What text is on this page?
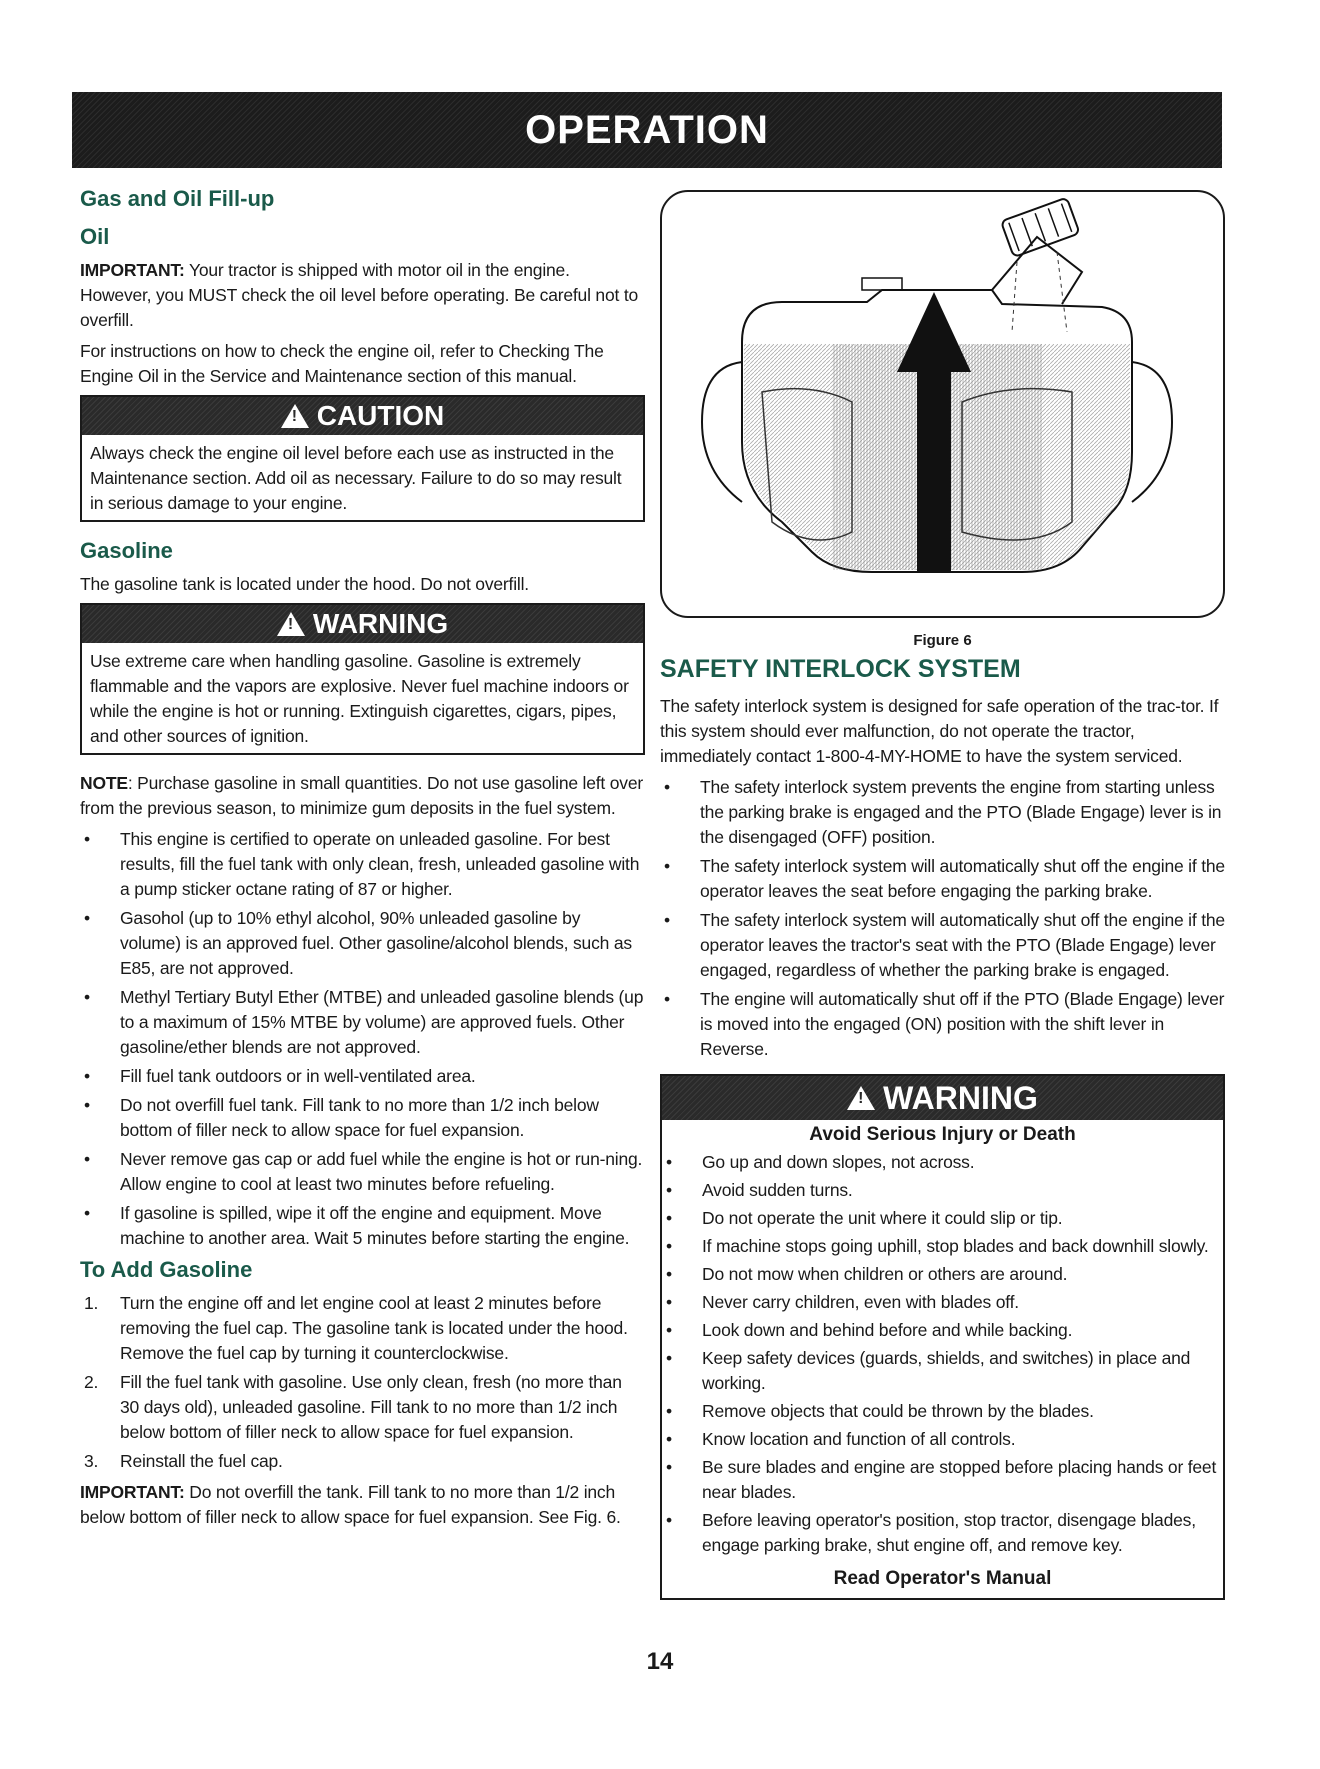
OPERATION
Gas and Oil Fill-up
Oil

IMPORTANT: Your tractor is shipped with motor oil in the engine. However, you MUST check the oil level before operating. Be careful not to overfill.

For instructions on how to check the engine oil, refer to Checking The Engine Oil in the Service and Maintenance section of this manual.

!
CAUTION

Always check the engine oil level before each use as instructed in the Maintenance section. Add oil as necessary. Failure to do so may result in serious damage to your engine.

Gasoline

The gasoline tank is located under the hood. Do not overfill.

!
WARNING

Use extreme care when handling gasoline. Gasoline is extremely flammable and the vapors are explosive. Never fuel machine indoors or while the engine is hot or running. Extinguish cigarettes, cigars, pipes, and other sources of ignition.

NOTE: Purchase gasoline in small quantities. Do not use gasoline left over from the previous season, to minimize gum deposits in the fuel system.

• This engine is certified to operate on unleaded gasoline. For best results, fill the fuel tank with only clean, fresh, unleaded gasoline with a pump sticker octane rating of 87 or higher.
• Gasohol (up to 10% ethyl alcohol, 90% unleaded gasoline by volume) is an approved fuel. Other gasoline/alcohol blends, such as E85, are not approved.
• Methyl Tertiary Butyl Ether (MTBE) and unleaded gasoline blends (up to a maximum of 15% MTBE by volume) are approved fuels. Other gasoline/ether blends are not approved.
• Fill fuel tank outdoors or in well-ventilated area.
• Do not overfill fuel tank. Fill tank to no more than 1/2 inch below bottom of filler neck to allow space for fuel expansion.
• Never remove gas cap or add fuel while the engine is hot or run-ning. Allow engine to cool at least two minutes before refueling.
• If gasoline is spilled, wipe it off the engine and equipment. Move machine to another area. Wait 5 minutes before starting the engine.
To Add Gasoline
1. Turn the engine off and let engine cool at least 2 minutes before removing the fuel cap. The gasoline tank is located under the hood. Remove the fuel cap by turning it counterclockwise.
2. Fill the fuel tank with gasoline. Use only clean, fresh (no more than 30 days old), unleaded gasoline. Fill tank to no more than 1/2 inch below bottom of filler neck to allow space for fuel expansion.
3. Reinstall the fuel cap.

IMPORTANT: Do not overfill the tank. Fill tank to no more than 1/2 inch below bottom of filler neck to allow space for fuel expansion. See Fig. 6.

Figure 6
SAFETY INTERLOCK SYSTEM

The safety interlock system is designed for safe operation of the trac-tor. If this system should ever malfunction, do not operate the tractor, immediately contact 1-800-4-MY-HOME to have the system serviced.

• The safety interlock system prevents the engine from starting unless the parking brake is engaged and the PTO (Blade Engage) lever is in the disengaged (OFF) position.
• The safety interlock system will automatically shut off the engine if the operator leaves the seat before engaging the parking brake.
• The safety interlock system will automatically shut off the engine if the operator leaves the tractor's seat with the PTO (Blade Engage) lever engaged, regardless of whether the parking brake is engaged.
• The engine will automatically shut off if the PTO (Blade Engage) lever is moved into the engaged (ON) position with the shift lever in Reverse.
!
WARNING
Avoid Serious Injury or Death
• Go up and down slopes, not across.
• Avoid sudden turns.
• Do not operate the unit where it could slip or tip.
• If machine stops going uphill, stop blades and back downhill slowly.
• Do not mow when children or others are around.
• Never carry children, even with blades off.
• Look down and behind before and while backing.
• Keep safety devices (guards, shields, and switches) in place and working.
• Remove objects that could be thrown by the blades.
• Know location and function of all controls.
• Be sure blades and engine are stopped before placing hands or feet near blades.
• Before leaving operator's position, stop tractor, disengage blades, engage parking brake, shut engine off, and remove key.
Read Operator's Manual
14
